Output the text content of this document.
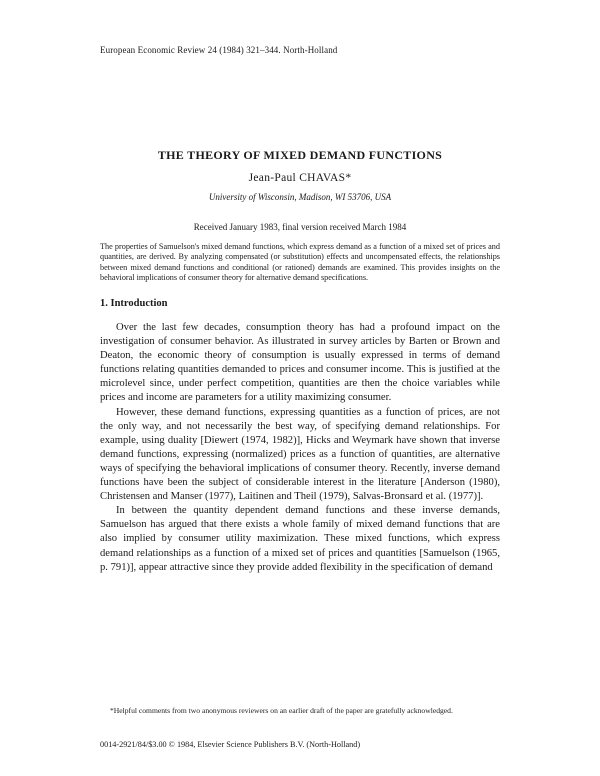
European Economic Review 24 (1984) 321–344. North-Holland
THE THEORY OF MIXED DEMAND FUNCTIONS
Jean-Paul CHAVAS*
University of Wisconsin, Madison, WI 53706, USA
Received January 1983, final version received March 1984
The properties of Samuelson's mixed demand functions, which express demand as a function of a mixed set of prices and quantities, are derived. By analyzing compensated (or substitution) effects and uncompensated effects, the relationships between mixed demand functions and conditional (or rationed) demands are examined. This provides insights on the behavioral implications of consumer theory for alternative demand specifications.
1. Introduction

Over the last few decades, consumption theory has had a profound impact on the investigation of consumer behavior. As illustrated in survey articles by Barten or Brown and Deaton, the economic theory of consumption is usually expressed in terms of demand functions relating quantities demanded to prices and consumer income. This is justified at the microlevel since, under perfect competition, quantities are then the choice variables while prices and income are parameters for a utility maximizing consumer.

However, these demand functions, expressing quantities as a function of prices, are not the only way, and not necessarily the best way, of specifying demand relationships. For example, using duality [Diewert (1974, 1982)], Hicks and Weymark have shown that inverse demand functions, expressing (normalized) prices as a function of quantities, are alternative ways of specifying the behavioral implications of consumer theory. Recently, inverse demand functions have been the subject of considerable interest in the literature [Anderson (1980), Christensen and Manser (1977), Laitinen and Theil (1979), Salvas-Bronsard et al. (1977)].

In between the quantity dependent demand functions and these inverse demands, Samuelson has argued that there exists a whole family of mixed demand functions that are also implied by consumer utility maximization. These mixed functions, which express demand relationships as a function of a mixed set of prices and quantities [Samuelson (1965, p. 791)], appear attractive since they provide added flexibility in the specification of demand

*Helpful comments from two anonymous reviewers on an earlier draft of the paper are gratefully acknowledged.

0014-2921/84/$3.00 © 1984, Elsevier Science Publishers B.V. (North-Holland)
